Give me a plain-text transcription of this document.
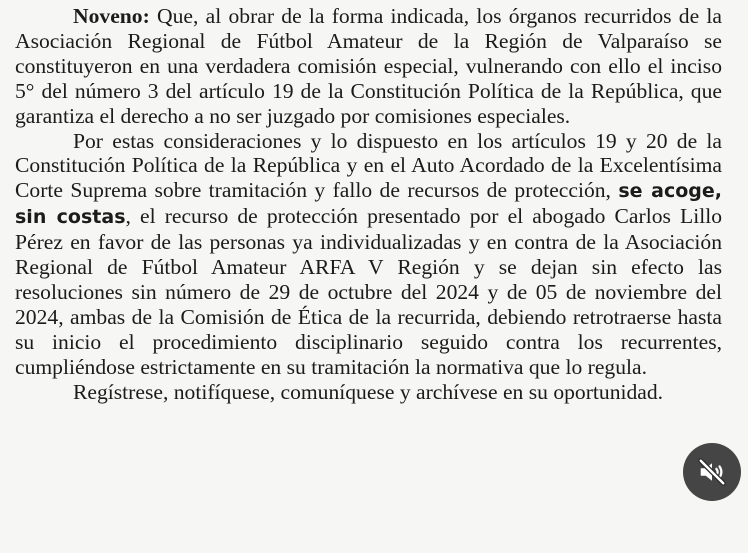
Noveno: Que, al obrar de la forma indicada, los órganos recurridos de la Asociación Regional de Fútbol Amateur de la Región de Valparaíso se constituyeron en una verdadera comisión especial, vulnerando con ello el inciso 5° del número 3 del artículo 19 de la Constitución Política de la República, que garantiza el derecho a no ser juzgado por comisiones especiales.

Por estas consideraciones y lo dispuesto en los artículos 19 y 20 de la Constitución Política de la República y en el Auto Acordado de la Excelentísima Corte Suprema sobre tramitación y fallo de recursos de protección, se acoge, sin costas, el recurso de protección presentado por el abogado Carlos Lillo Pérez en favor de las personas ya individualizadas y en contra de la Asociación Regional de Fútbol Amateur ARFA V Región y se dejan sin efecto las resoluciones sin número de 29 de octubre del 2024 y de 05 de noviembre del 2024, ambas de la Comisión de Ética de la recurrida, debiendo retrotraerse hasta su inicio el procedimiento disciplinario seguido contra los recurrentes, cumpliéndose estrictamente en su tramitación la normativa que lo regula.

Regístrese, notifíquese, comuníquese y archívese en su oportunidad.
